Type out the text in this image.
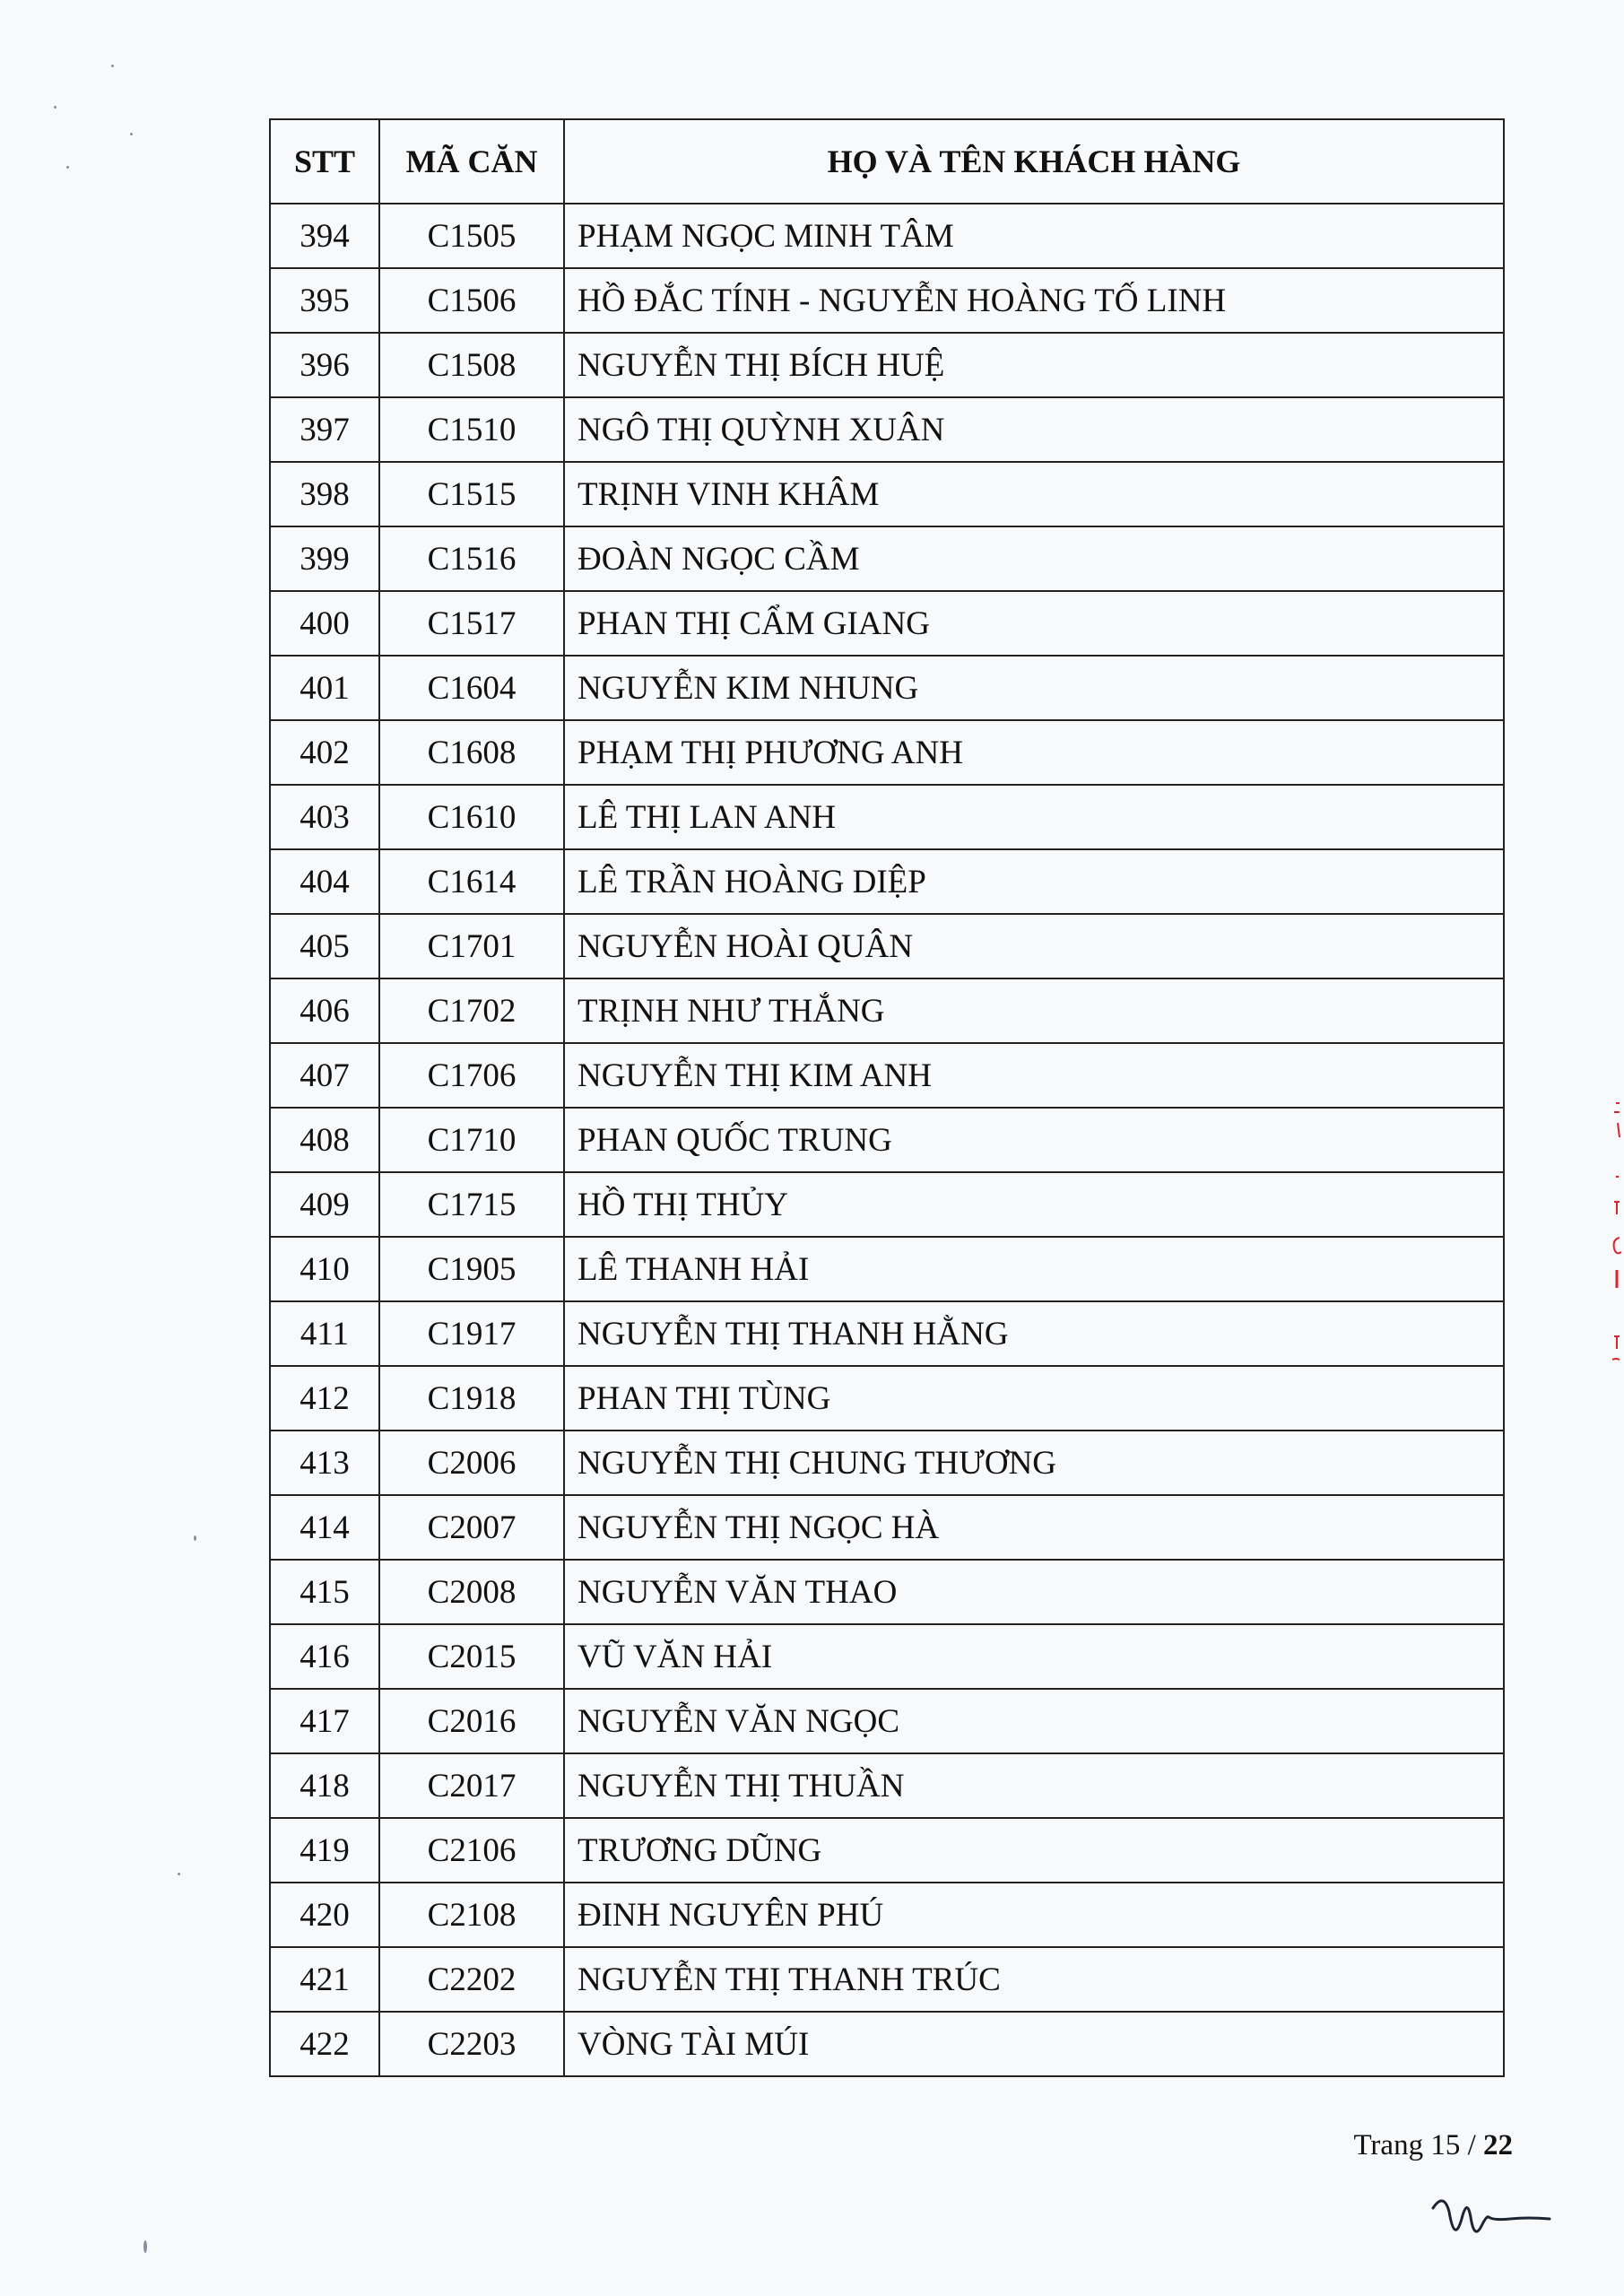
STT	MÃ CĂN	HỌ VÀ TÊN KHÁCH HÀNG
394	C1505	PHẠM NGỌC MINH TÂM
395	C1506	HỒ ĐẮC TÍNH - NGUYỄN HOÀNG TỐ LINH
396	C1508	NGUYỄN THỊ BÍCH HUỆ
397	C1510	NGÔ THỊ QUỲNH XUÂN
398	C1515	TRỊNH VINH KHÂM
399	C1516	ĐOÀN NGỌC CẦM
400	C1517	PHAN THỊ CẨM GIANG
401	C1604	NGUYỄN KIM NHUNG
402	C1608	PHẠM THỊ PHƯƠNG ANH
403	C1610	LÊ THỊ LAN ANH
404	C1614	LÊ TRẦN HOÀNG DIỆP
405	C1701	NGUYỄN HOÀI QUÂN
406	C1702	TRỊNH NHƯ THẮNG
407	C1706	NGUYỄN THỊ KIM ANH
408	C1710	PHAN QUỐC TRUNG
409	C1715	HỒ THỊ THỦY
410	C1905	LÊ THANH HẢI
411	C1917	NGUYỄN THỊ THANH HẰNG
412	C1918	PHAN THỊ TÙNG
413	C2006	NGUYỄN THỊ CHUNG THƯƠNG
414	C2007	NGUYỄN THỊ NGỌC HÀ
415	C2008	NGUYỄN VĂN THAO
416	C2015	VŨ VĂN HẢI
417	C2016	NGUYỄN VĂN NGỌC
418	C2017	NGUYỄN THỊ THUẦN
419	C2106	TRƯƠNG DŨNG
420	C2108	ĐINH NGUYÊN PHÚ
421	C2202	NGUYỄN THỊ THANH TRÚC
422	C2203	VÒNG TÀI MÚI
Trang 15 / 22
